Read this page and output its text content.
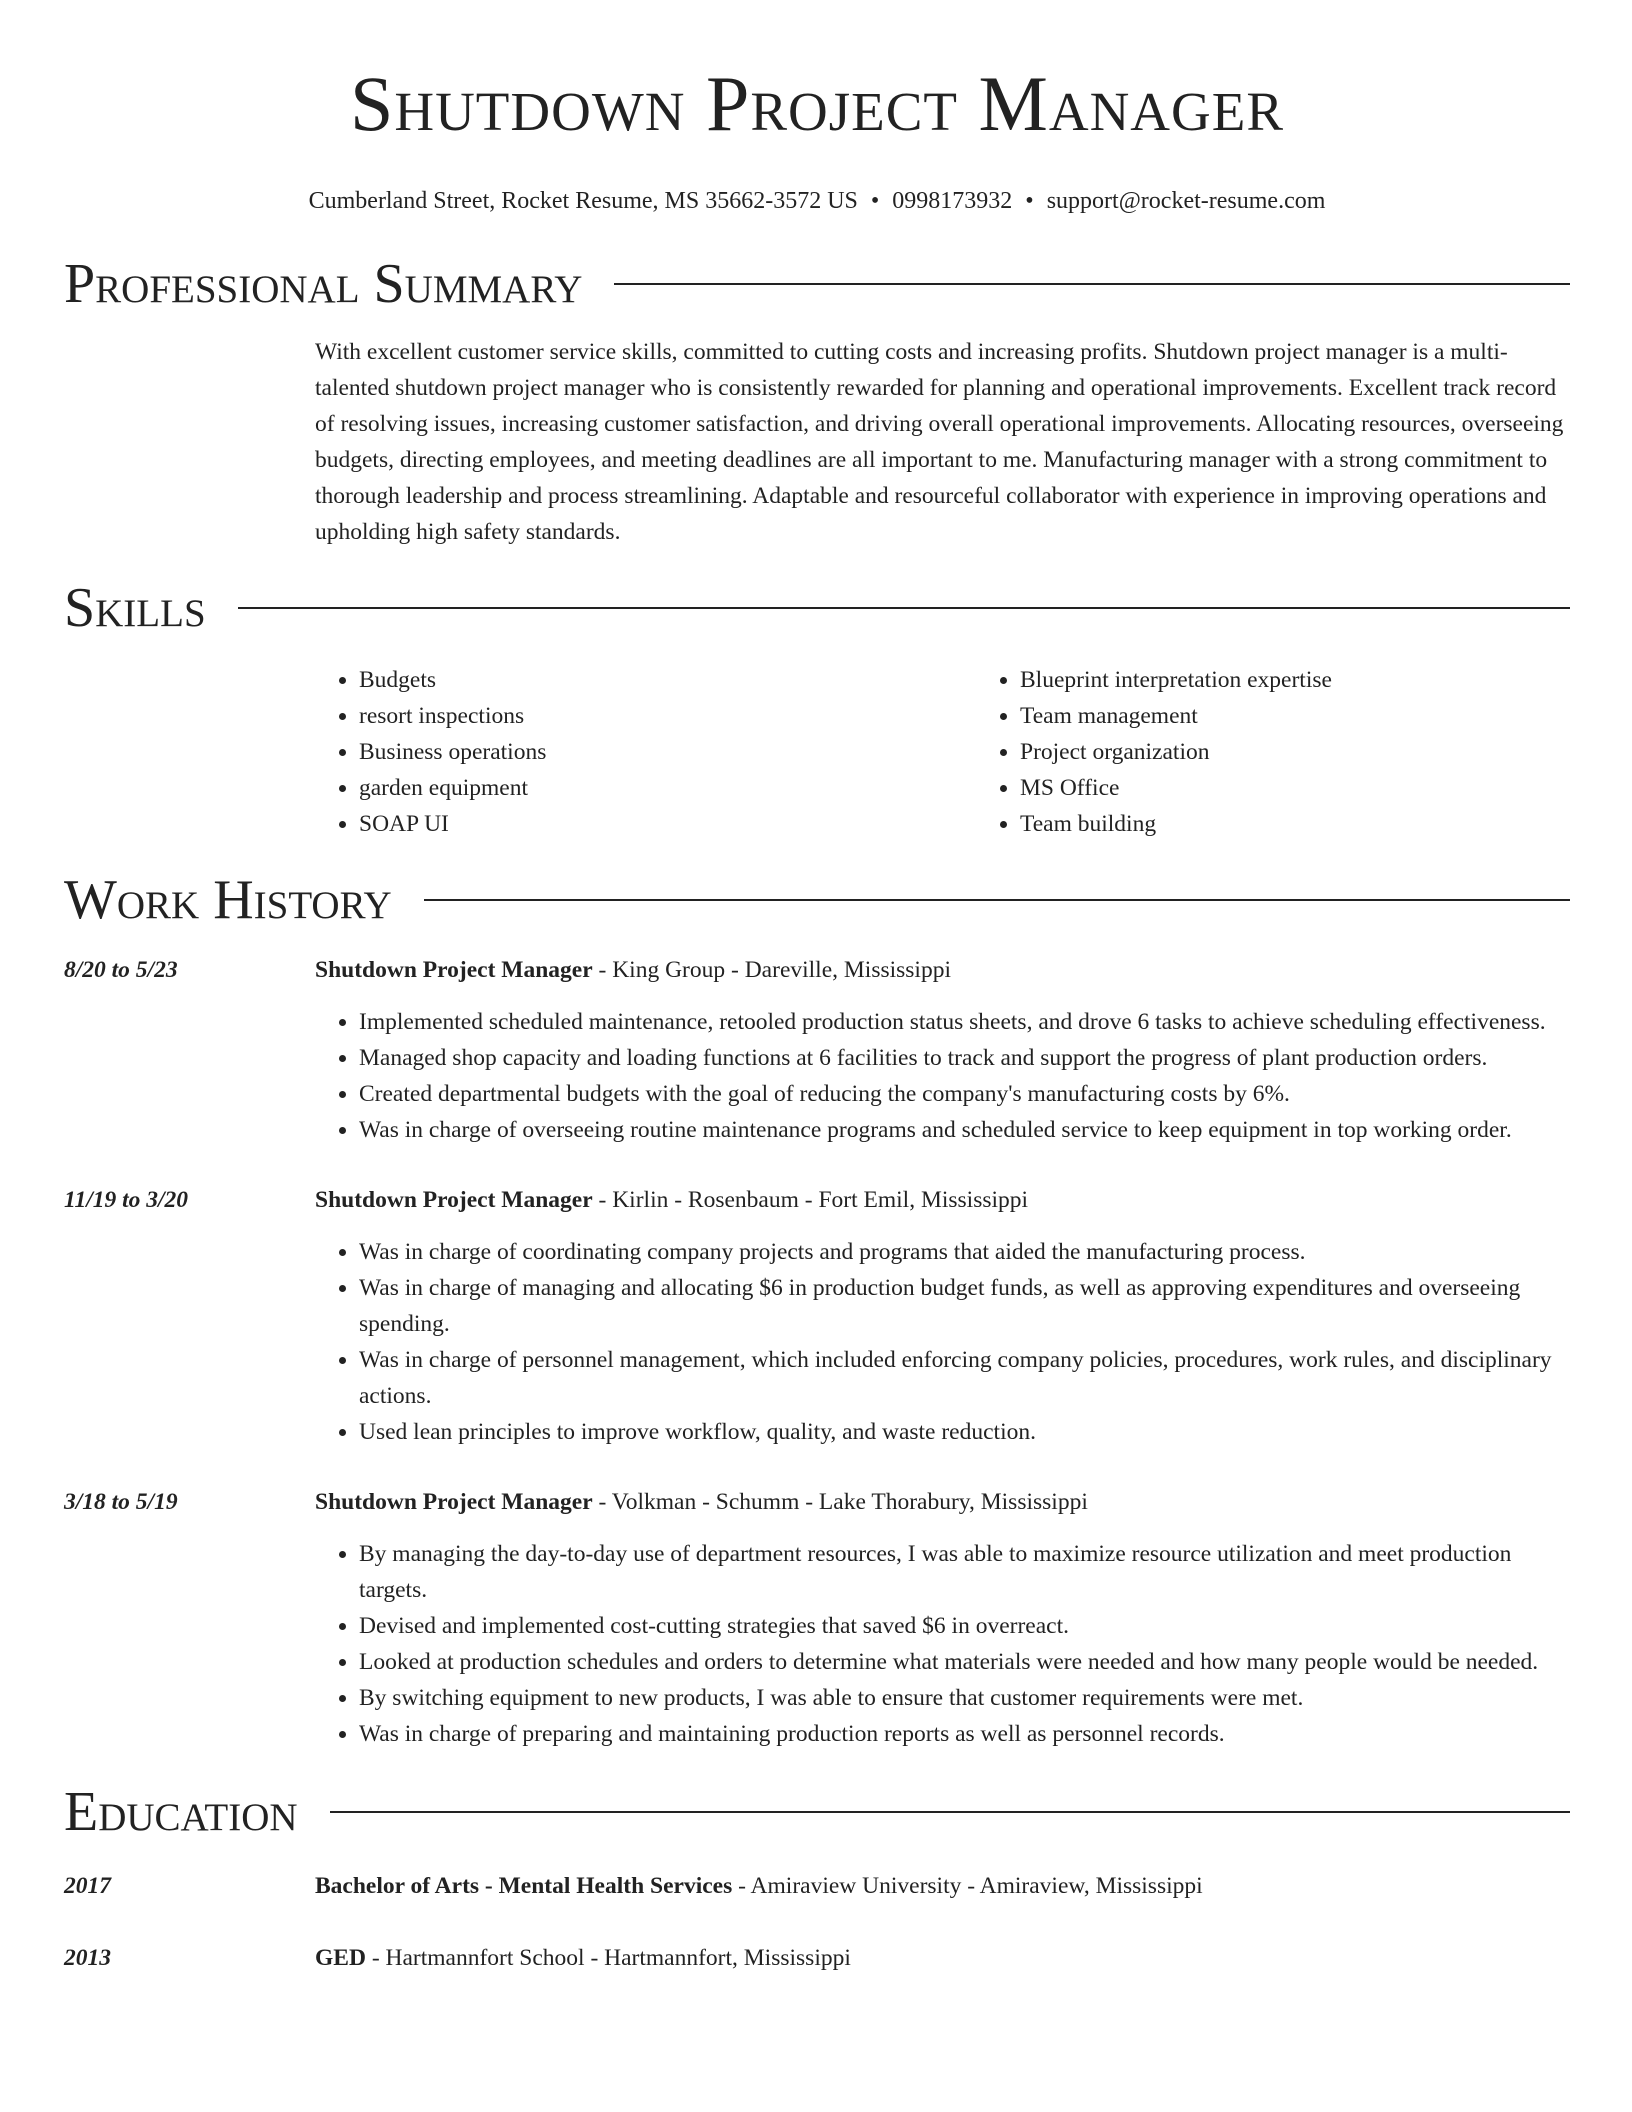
Shutdown Project Manager
Cumberland Street, Rocket Resume, MS 35662-3572 US • 0998173932 • support@rocket-resume.com
Professional Summary
With excellent customer service skills, committed to cutting costs and increasing profits. Shutdown project manager is a multi-talented shutdown project manager who is consistently rewarded for planning and operational improvements. Excellent track record of resolving issues, increasing customer satisfaction, and driving overall operational improvements. Allocating resources, overseeing budgets, directing employees, and meeting deadlines are all important to me. Manufacturing manager with a strong commitment to thorough leadership and process streamlining. Adaptable and resourceful collaborator with experience in improving operations and upholding high safety standards.
Skills
• Budgets
• resort inspections
• Business operations
• garden equipment
• SOAP UI
• Blueprint interpretation expertise
• Team management
• Project organization
• MS Office
• Team building
Work History
8/20 to 5/23	Shutdown Project Manager - King Group - Dareville, Mississippi
• Implemented scheduled maintenance, retooled production status sheets, and drove 6 tasks to achieve scheduling effectiveness.
• Managed shop capacity and loading functions at 6 facilities to track and support the progress of plant production orders.
• Created departmental budgets with the goal of reducing the company's manufacturing costs by 6%.
• Was in charge of overseeing routine maintenance programs and scheduled service to keep equipment in top working order.
11/19 to 3/20	Shutdown Project Manager - Kirlin - Rosenbaum - Fort Emil, Mississippi
• Was in charge of coordinating company projects and programs that aided the manufacturing process.
• Was in charge of managing and allocating $6 in production budget funds, as well as approving expenditures and overseeing spending.
• Was in charge of personnel management, which included enforcing company policies, procedures, work rules, and disciplinary actions.
• Used lean principles to improve workflow, quality, and waste reduction.
3/18 to 5/19	Shutdown Project Manager - Volkman - Schumm - Lake Thorabury, Mississippi
• By managing the day-to-day use of department resources, I was able to maximize resource utilization and meet production targets.
• Devised and implemented cost-cutting strategies that saved $6 in overreact.
• Looked at production schedules and orders to determine what materials were needed and how many people would be needed.
• By switching equipment to new products, I was able to ensure that customer requirements were met.
• Was in charge of preparing and maintaining production reports as well as personnel records.
Education
2017	Bachelor of Arts - Mental Health Services - Amiraview University - Amiraview, Mississippi
2013	GED - Hartmannfort School - Hartmannfort, Mississippi
